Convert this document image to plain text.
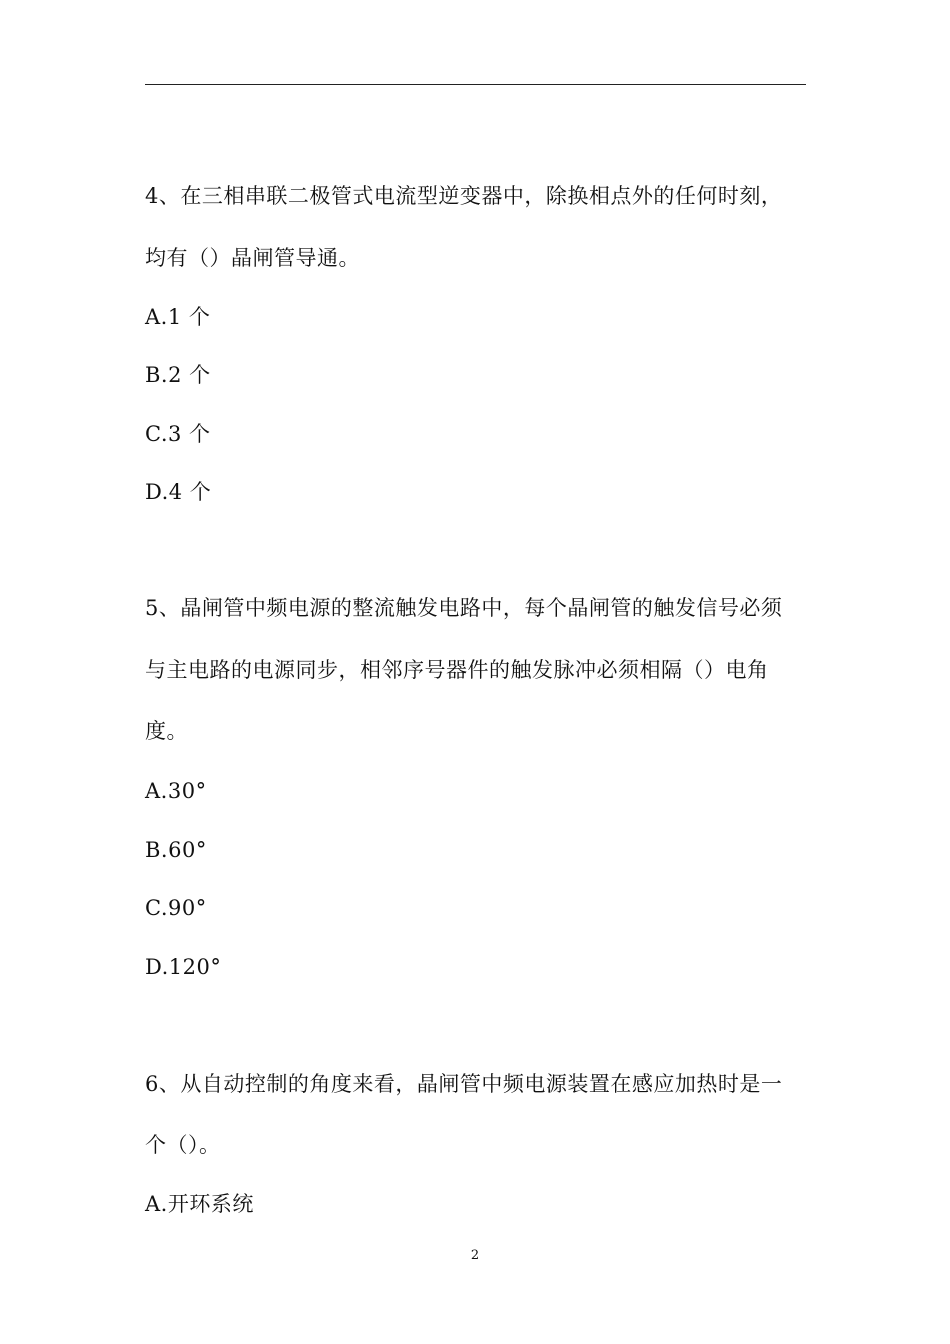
4、在三相串联二极管式电流型逆变器中，除换相点外的任何时刻，
均有（）晶闸管导通。
A.1 个
B.2 个
C.3 个
D.4 个
5、晶闸管中频电源的整流触发电路中，每个晶闸管的触发信号必须
与主电路的电源同步，相邻序号器件的触发脉冲必须相隔（）电角
度。
A.30°
B.60°
C.90°
D.120°
6、从自动控制的角度来看，晶闸管中频电源装置在感应加热时是一
个（）。
A.开环系统
2
